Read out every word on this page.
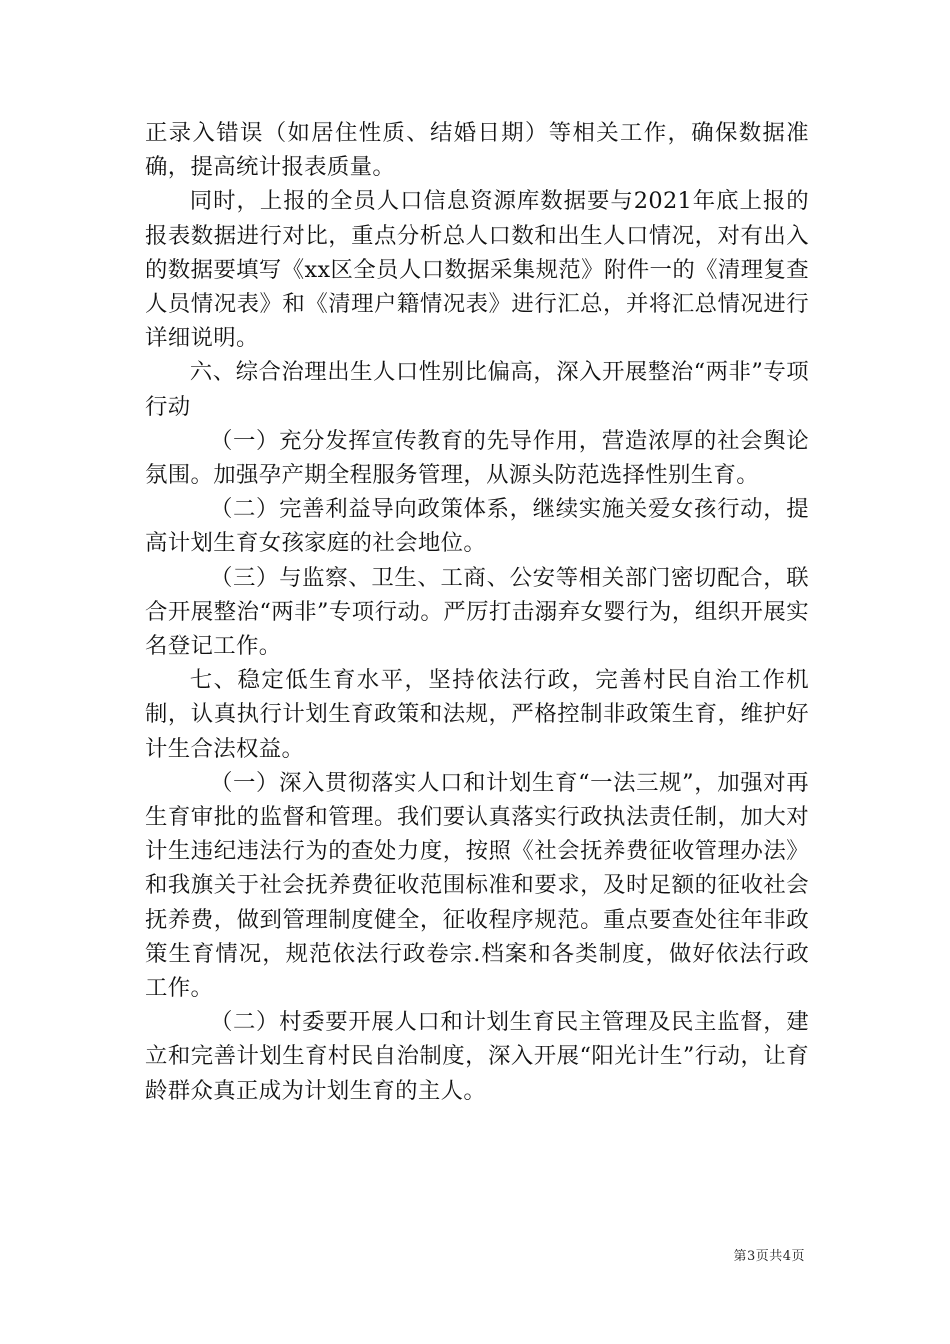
正录入错误（如居住性质、结婚日期）等相关工作，确保数据准确，提高统计报表质量。

同时，上报的全员人口信息资源库数据要与2021年底上报的报表数据进行对比，重点分析总人口数和出生人口情况，对有出入的数据要填写《xx区全员人口数据采集规范》附件一的《清理复查人员情况表》和《清理户籍情况表》进行汇总，并将汇总情况进行详细说明。

六、综合治理出生人口性别比偏高，深入开展整治“两非”专项行动

（一）充分发挥宣传教育的先导作用，营造浓厚的社会舆论氛围。加强孕产期全程服务管理，从源头防范选择性别生育。

（二）完善利益导向政策体系，继续实施关爱女孩行动，提高计划生育女孩家庭的社会地位。

（三）与监察、卫生、工商、公安等相关部门密切配合，联合开展整治“两非”专项行动。严厉打击溺弃女婴行为，组织开展实名登记工作。

七、稳定低生育水平，坚持依法行政，完善村民自治工作机制，认真执行计划生育政策和法规，严格控制非政策生育，维护好计生合法权益。

（一）深入贯彻落实人口和计划生育“一法三规”，加强对再生育审批的监督和管理。我们要认真落实行政执法责任制，加大对计生违纪违法行为的查处力度，按照《社会抚养费征收管理办法》和我旗关于社会抚养费征收范围标准和要求，及时足额的征收社会抚养费，做到管理制度健全，征收程序规范。重点要查处往年非政策生育情况，规范依法行政卷宗.档案和各类制度，做好依法行政工作。

（二）村委要开展人口和计划生育民主管理及民主监督，建立和完善计划生育村民自治制度，深入开展“阳光计生”行动，让育龄群众真正成为计划生育的主人。

第3页共4页
